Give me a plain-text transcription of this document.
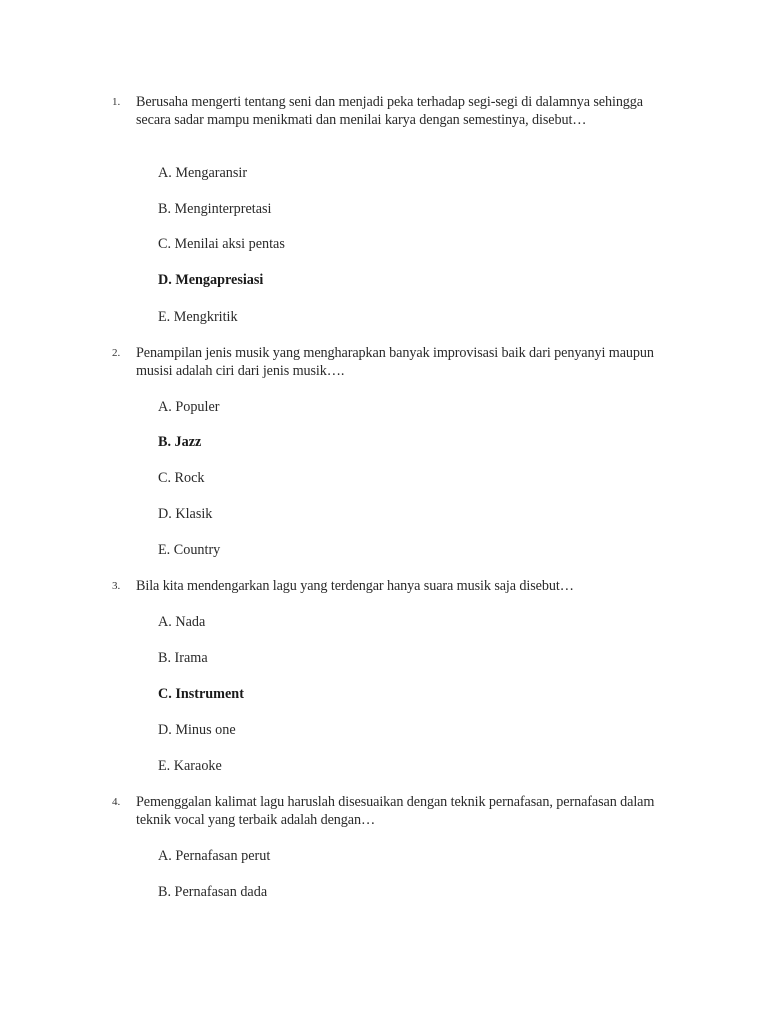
1. Berusaha mengerti tentang seni dan menjadi peka terhadap segi-segi di dalamnya sehingga secara sadar mampu menikmati dan menilai karya dengan semestinya, disebut…
A. Mengaransir
B. Menginterpretasi
C. Menilai aksi pentas
D. Mengapresiasi
E. Mengkritik
2. Penampilan jenis musik yang mengharapkan banyak improvisasi baik dari penyanyi maupun musisi adalah ciri dari jenis musik….
A. Populer
B. Jazz
C. Rock
D. Klasik
E. Country
3. Bila kita mendengarkan lagu yang terdengar hanya suara musik saja disebut…
A. Nada
B. Irama
C. Instrument
D. Minus one
E. Karaoke
4. Pemenggalan kalimat lagu haruslah disesuaikan dengan teknik pernafasan, pernafasan dalam teknik vocal yang terbaik adalah dengan…
A. Pernafasan perut
B. Pernafasan dada
